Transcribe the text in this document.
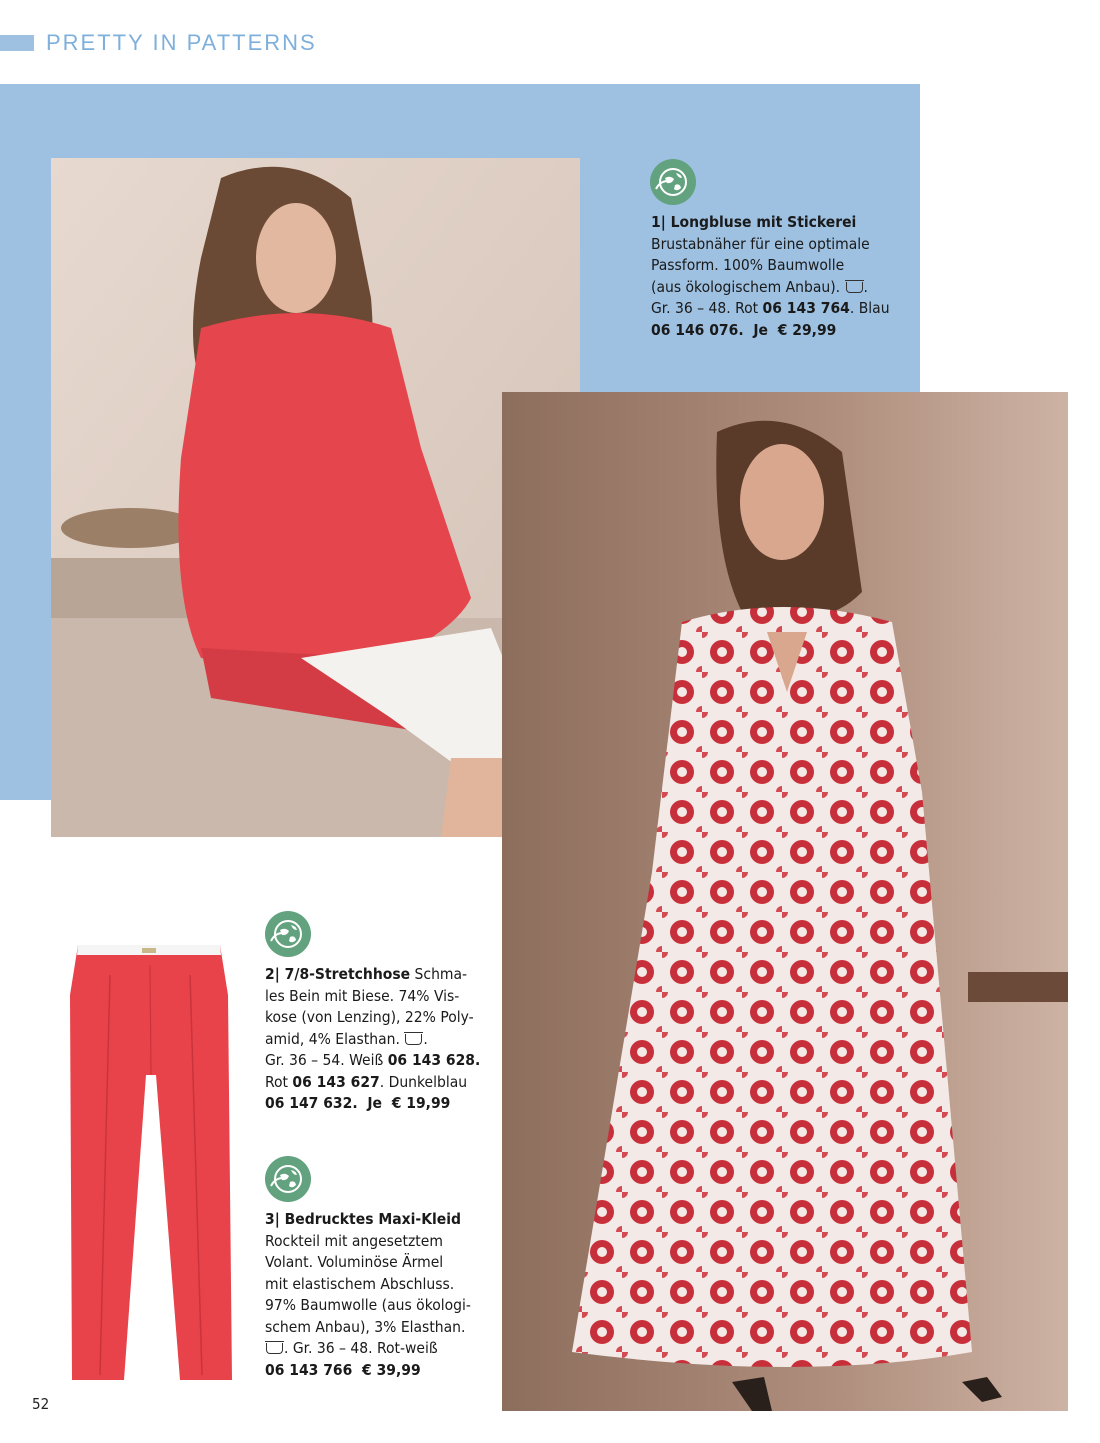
PRETTY IN PATTERNS
1| Longbluse mit Stickerei
Brustabnäher für eine optimale
Passform. 100% Baumwolle
(aus ökologischem Anbau). .
Gr. 36 – 48. Rot 06 143 764. Blau
06 146 076. Je € 29,99
2| 7/8-Stretchhose Schma-
les Bein mit Biese. 74% Vis-
kose (von Lenzing), 22% Poly-
amid, 4% Elasthan. .
Gr. 36 – 54. Weiß 06 143 628.
Rot 06 143 627. Dunkelblau
06 147 632. Je € 19,99
3| Bedrucktes Maxi-Kleid
Rockteil mit angesetztem
Volant. Voluminöse Ärmel
mit elastischem Abschluss.
97% Baumwolle (aus ökologi-
schem Anbau), 3% Elasthan.
. Gr. 36 – 48. Rot-weiß
06 143 766 € 39,99
52
